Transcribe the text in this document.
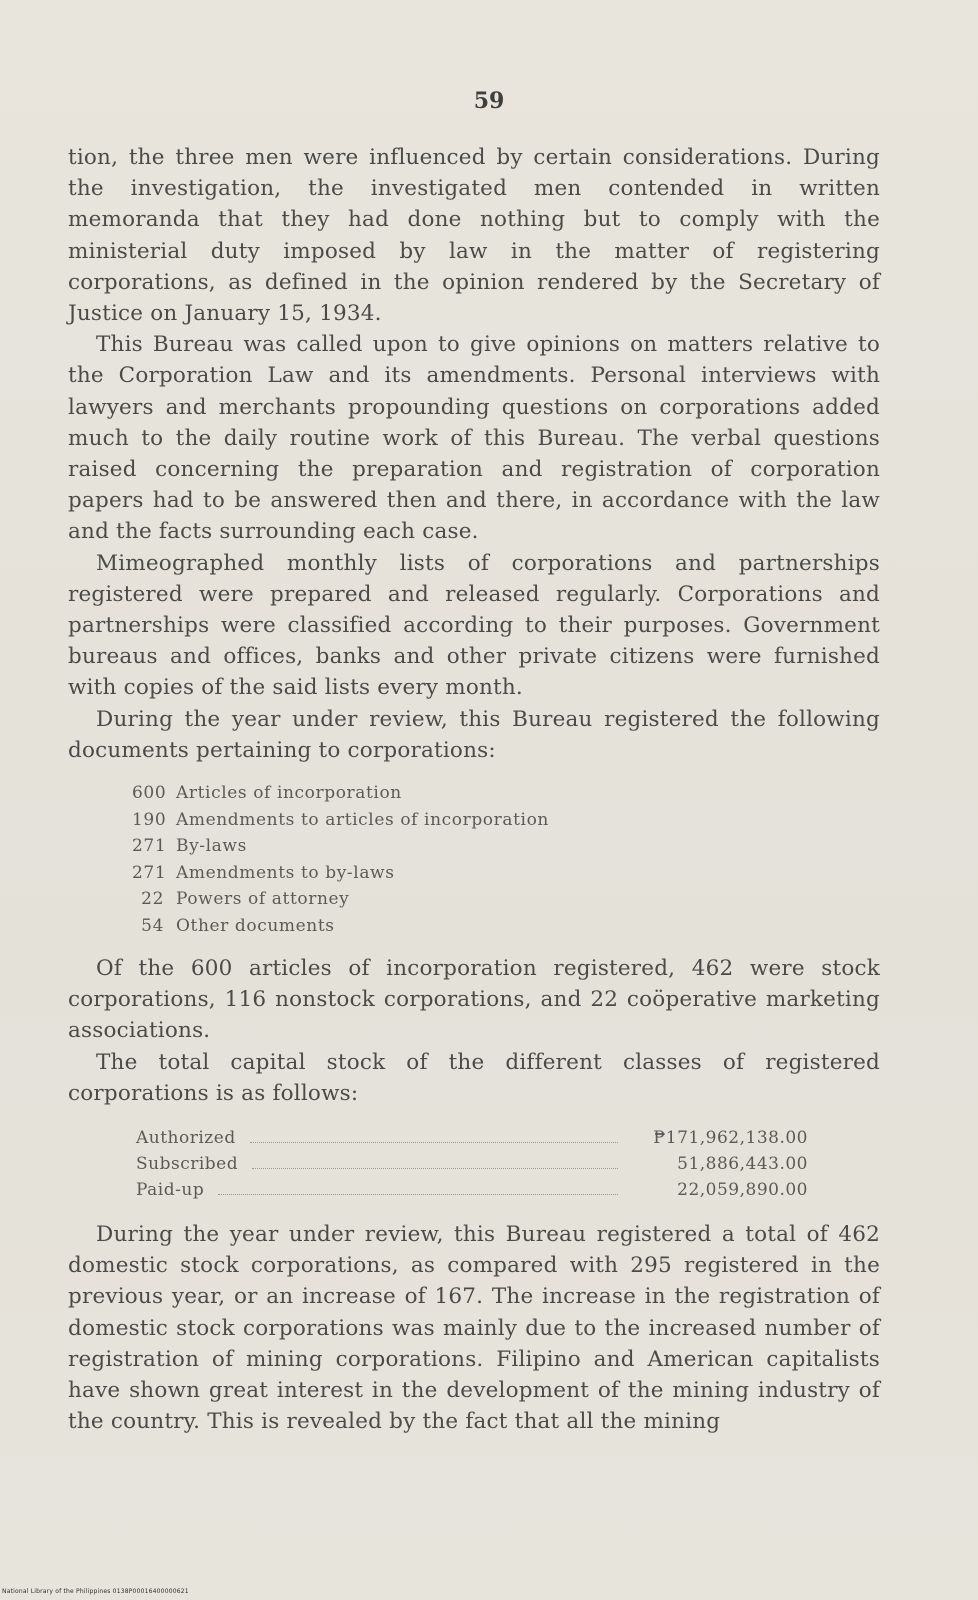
59

tion, the three men were influenced by certain considerations. During the investigation, the investigated men contended in written memoranda that they had done nothing but to comply with the ministerial duty imposed by law in the matter of registering corporations, as defined in the opinion rendered by the Secretary of Justice on January 15, 1934.

This Bureau was called upon to give opinions on matters relative to the Corporation Law and its amendments. Personal interviews with lawyers and merchants propounding questions on corporations added much to the daily routine work of this Bureau. The verbal questions raised concerning the preparation and registration of corporation papers had to be answered then and there, in accordance with the law and the facts surrounding each case.

Mimeographed monthly lists of corporations and partnerships registered were prepared and released regularly. Corporations and partnerships were classified according to their purposes. Government bureaus and offices, banks and other private citizens were furnished with copies of the said lists every month.

During the year under review, this Bureau registered the following documents pertaining to corporations:

600 Articles of incorporation
190 Amendments to articles of incorporation
271 By-laws
271 Amendments to by-laws
22 Powers of attorney
54 Other documents

Of the 600 articles of incorporation registered, 462 were stock corporations, 116 nonstock corporations, and 22 coöperative marketing associations.

The total capital stock of the different classes of registered corporations is as follows:

Authorized	₱171,962,138.00
Subscribed	51,886,443.00
Paid-up	22,059,890.00

During the year under review, this Bureau registered a total of 462 domestic stock corporations, as compared with 295 registered in the previous year, or an increase of 167. The increase in the registration of domestic stock corporations was mainly due to the increased number of registration of mining corporations. Filipino and American capitalists have shown great interest in the development of the mining industry of the country. This is revealed by the fact that all the mining

National Library of the Philippines 0138P00016400000621
